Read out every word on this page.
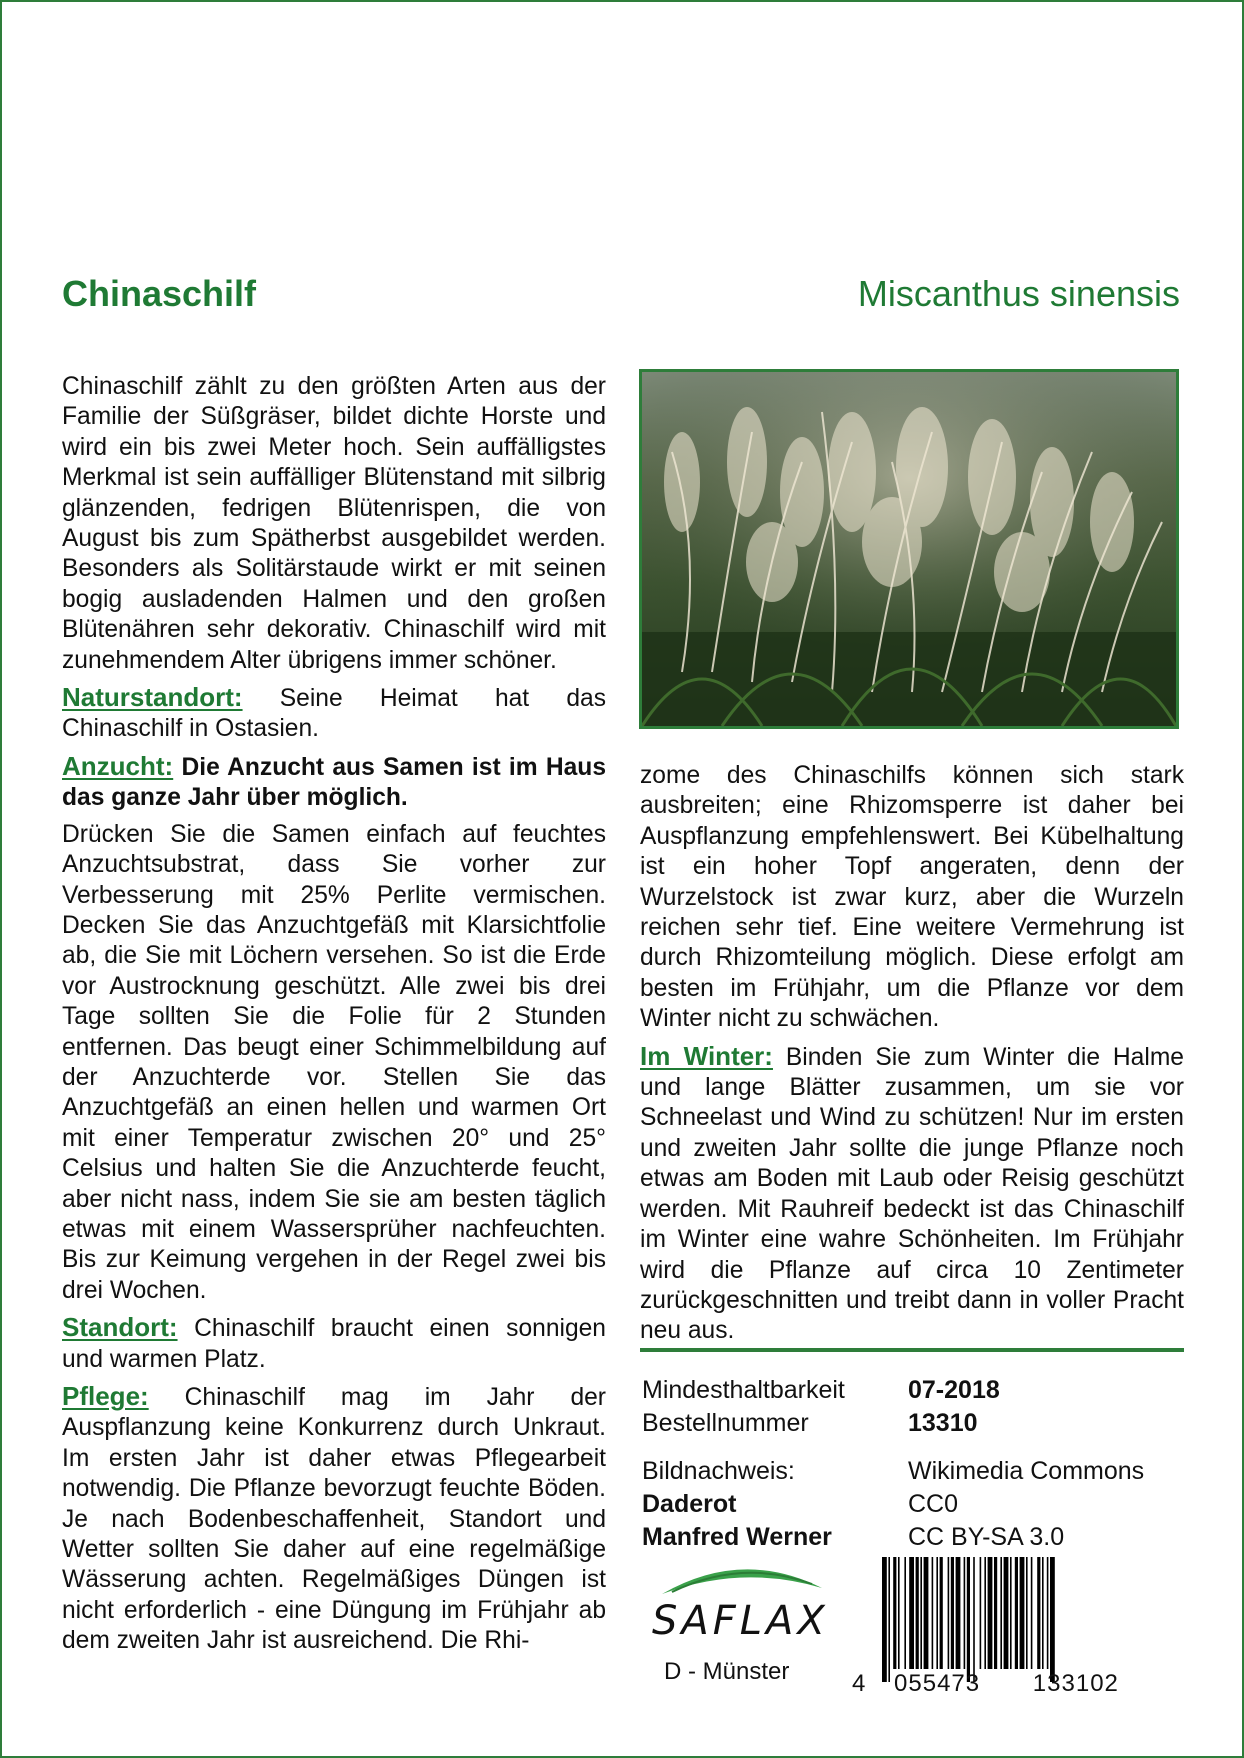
Chinaschilf	Miscanthus sinensis

Chinaschilf zählt zu den größten Arten aus der Familie der Süßgräser, bildet dichte Horste und wird ein bis zwei Meter hoch. Sein auffälligstes Merkmal ist sein auffälliger Blütenstand mit silbrig glänzenden, fedrigen Blütenrispen, die von August bis zum Spätherbst ausgebildet werden. Besonders als Solitärstaude wirkt er mit seinen bogig ausladenden Halmen und den großen Blütenähren sehr dekorativ. Chinaschilf wird mit zunehmendem Alter übrigens immer schöner.

Naturstandort: Seine Heimat hat das Chinaschilf in Ostasien.

Anzucht: Die Anzucht aus Samen ist im Haus das ganze Jahr über möglich.

Drücken Sie die Samen einfach auf feuchtes Anzuchtsubstrat, dass Sie vorher zur Verbesserung mit 25% Perlite vermischen. Decken Sie das Anzuchtgefäß mit Klarsichtfolie ab, die Sie mit Löchern versehen. So ist die Erde vor Austrocknung geschützt. Alle zwei bis drei Tage sollten Sie die Folie für 2 Stunden entfernen. Das beugt einer Schimmelbildung auf der Anzuchterde vor. Stellen Sie das Anzuchtgefäß an einen hellen und warmen Ort mit einer Temperatur zwischen 20° und 25° Celsius und halten Sie die Anzuchterde feucht, aber nicht nass, indem Sie sie am besten täglich etwas mit einem Wassersprüher nachfeuchten. Bis zur Keimung vergehen in der Regel zwei bis drei Wochen.

Standort: Chinaschilf braucht einen sonnigen und warmen Platz.

Pflege: Chinaschilf mag im Jahr der Auspflanzung keine Konkurrenz durch Unkraut. Im ersten Jahr ist daher etwas Pflegearbeit notwendig. Die Pflanze bevorzugt feuchte Böden. Je nach Bodenbeschaffenheit, Standort und Wetter sollten Sie daher auf eine regelmäßige Wässerung achten. Regelmäßiges Düngen ist nicht erforderlich - eine Düngung im Frühjahr ab dem zweiten Jahr ist ausreichend. Die Rhi-

zome des Chinaschilfs können sich stark ausbreiten; eine Rhizomsperre ist daher bei Auspflanzung empfehlenswert. Bei Kübelhaltung ist ein hoher Topf angeraten, denn der Wurzelstock ist zwar kurz, aber die Wurzeln reichen sehr tief. Eine weitere Vermehrung ist durch Rhizomteilung möglich. Diese erfolgt am besten im Frühjahr, um die Pflanze vor dem Winter nicht zu schwächen.

Im Winter: Binden Sie zum Winter die Halme und lange Blätter zusammen, um sie vor Schneelast und Wind zu schützen! Nur im ersten und zweiten Jahr sollte die junge Pflanze noch etwas am Boden mit Laub oder Reisig geschützt werden. Mit Rauhreif bedeckt ist das Chinaschilf im Winter eine wahre Schönheiten. Im Frühjahr wird die Pflanze auf circa 10 Zentimeter zurückgeschnitten und treibt dann in voller Pracht neu aus.

Mindesthaltbarkeit	07-2018
Bestellnummer	13310
Bildnachweis:	Wikimedia Commons
Daderot	CC0
Manfred Werner	CC BY-SA 3.0
SAFLAX
D - Münster	4 055473 133102
